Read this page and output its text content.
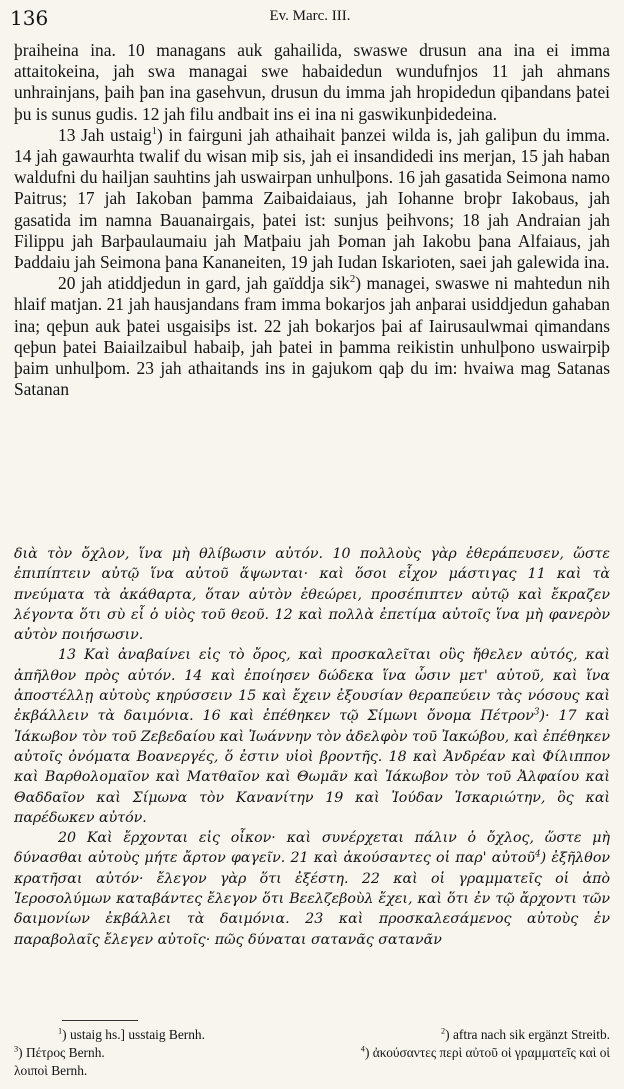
136	Ev. Marc. III.

þraiheina ina. 10 managans auk gahailida, swaswe drusun ana ina ei imma attaitokeina, jah swa managai swe habaidedun wundufnjos 11 jah ahmans unhrainjans, þaih þan ina gasehvun, drusun du imma jah hropidedun qiþandans þatei þu is sunus gudis. 12 jah filu andbait ins ei ina ni gaswikunþidedeina.

13 Jah ustaig$^1$) in fairguni jah athaihait þanzei wilda is, jah galiþun du imma. 14 jah gawaurhta twalif du wisan miþ sis, jah ei insandidedi ins merjan, 15 jah haban waldufni du hailjan sauhtins jah uswairpan unhulþons. 16 jah gasatida Seimona namo Paitrus; 17 jah Iakoban þamma Zaibaidaiaus, jah Iohanne broþr Iakobaus, jah gasatida im namna Bauanairgais, þatei ist: sunjus þeihvons; 18 jah Andraian jah Filippu jah Barþaulaumaiu jah Matþaiu jah Þoman jah Iakobu þana Alfaiaus, jah Þaddaiu jah Seimona þana Kananeiten, 19 jah Iudan Iskarioten, saei jah galewida ina.

20 jah atiddjedun in gard, jah gaïddja sik$^2$) managei, swaswe ni mahtedun nih hlaif matjan. 21 jah hausjandans fram imma bokarjos jah anþarai usiddjedun gahaban ina; qeþun auk þatei usgaisiþs ist. 22 jah bokarjos þai af Iairusaulwmai qimandans qeþun þatei Baiailzaibul habaiþ, jah þatei in þamma reikistin unhulþono uswairpiþ þaim unhulþom. 23 jah athaitands ins in gajukom qaþ du im: hvaiwa mag Satanas Satanan

διὰ τὸν ὄχλον, ἵνα μὴ θλίβωσιν αὐτόν. 10 πολλοὺς γὰρ ἐθεράπευσεν, ὥστε ἐπιπίπτειν αὐτῷ ἵνα αὐτοῦ ἅψωνται· καὶ ὅσοι εἶχον μάστιγας 11 καὶ τὰ πνεύματα τὰ ἀκάθαρτα, ὅταν αὐτὸν ἐθεώρει, προσέπιπτεν αὐτῷ καὶ ἔκραζεν λέγοντα ὅτι σὺ εἶ ὁ υἱὸς τοῦ θεοῦ. 12 καὶ πολλὰ ἐπετίμα αὐτοῖς ἵνα μὴ φανερὸν αὐτὸν ποιήσωσιν.

13 Καὶ ἀναβαίνει εἰς τὸ ὄρος, καὶ προσκαλεῖται οὓς ἤθελεν αὐτός, καὶ ἀπῆλθον πρὸς αὐτόν. 14 καὶ ἐποίησεν δώδεκα ἵνα ὦσιν μετ' αὐτοῦ, καὶ ἵνα ἀποστέλλῃ αὐτοὺς κηρύσσειν 15 καὶ ἔχειν ἐξουσίαν θεραπεύειν τὰς νόσους καὶ ἐκβάλλειν τὰ δαιμόνια. 16 καὶ ἐπέθηκεν τῷ Σίμωνι ὄνομα Πέτρον$^3$)· 17 καὶ Ἰάκωβον τὸν τοῦ Ζεβεδαίου καὶ Ἰωάννην τὸν ἀδελφὸν τοῦ Ἰακώβου, καὶ ἐπέθηκεν αὐτοῖς ὀνόματα Βοανεργές, ὅ ἐστιν υἱοὶ βροντῆς. 18 καὶ Ἀνδρέαν καὶ Φίλιππον καὶ Βαρθολομαῖον καὶ Ματθαῖον καὶ Θωμᾶν καὶ Ἰάκωβον τὸν τοῦ Ἀλφαίου καὶ Θαδδαῖον καὶ Σίμωνα τὸν Κανανίτην 19 καὶ Ἰούδαν Ἰσκαριώτην, ὃς καὶ παρέδωκεν αὐτόν.

20 Καὶ ἔρχονται εἰς οἶκον· καὶ συνέρχεται πάλιν ὁ ὄχλος, ὥστε μὴ δύνασθαι αὐτοὺς μήτε ἄρτον φαγεῖν. 21 καὶ ἀκούσαντες οἱ παρ' αὐτοῦ$^4$) ἐξῆλθον κρατῆσαι αὐτόν· ἔλεγον γὰρ ὅτι ἐξέστη. 22 καὶ οἱ γραμματεῖς οἱ ἀπὸ Ἱεροσολύμων καταβάντες ἔλεγον ὅτι Βεελζεβοὺλ ἔχει, καὶ ὅτι ἐν τῷ ἄρχοντι τῶν δαιμονίων ἐκβάλλει τὰ δαιμόνια. 23 καὶ προσκαλεσάμενος αὐτοὺς ἐν παραβολαῖς ἔλεγεν αὐτοῖς· πῶς δύναται σατανᾶς σατανᾶν

$^1$) ustaig hs.] usstaig Bernh.	$^2$) aftra nach sik ergänzt Streitb.
$^3$) Πέτρος Bernh.	$^4$) ἀκούσαντες περὶ αὐτοῦ οἱ γραμματεῖς καὶ οἱ
λοιποὶ Bernh.
